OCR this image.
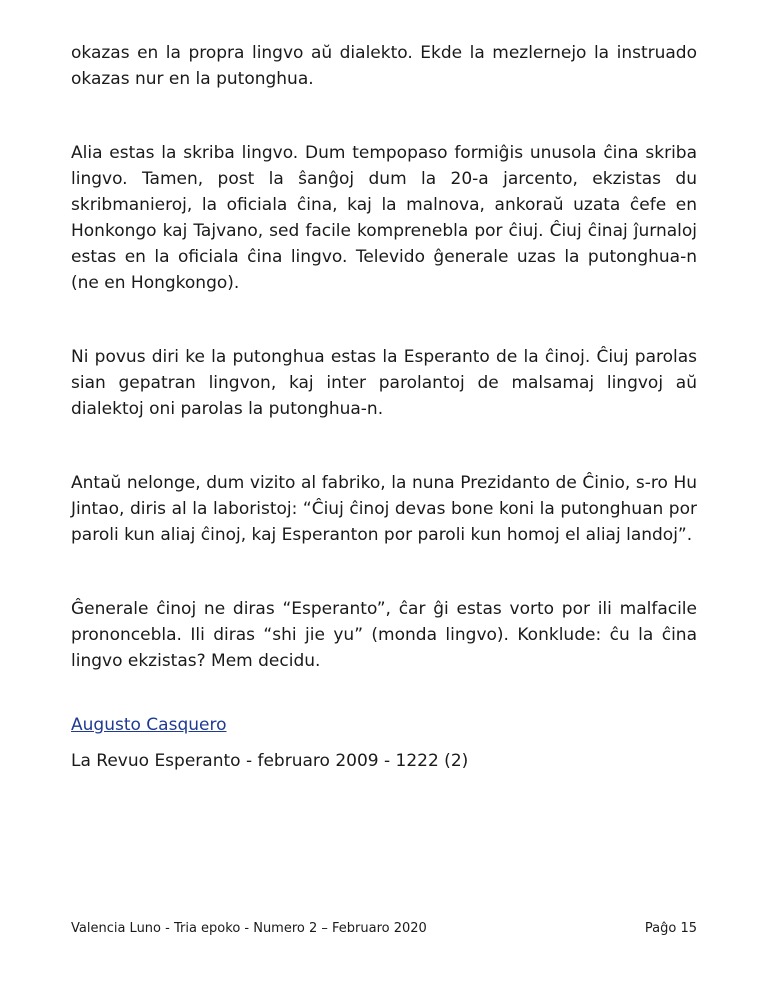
okazas en la propra lingvo aŭ dialekto. Ekde la mezlernejo la instruado okazas nur en la putonghua.

Alia estas la skriba lingvo. Dum tempopaso formiĝis unusola ĉina skriba lingvo. Tamen, post la ŝanĝoj dum la 20-a jarcento, ekzistas du skribmanieroj, la oficiala ĉina, kaj la malnova, ankoraŭ uzata ĉefe en Honkongo kaj Tajvano, sed facile komprenebla por ĉiuj. Ĉiuj ĉinaj ĵurnaloj estas en la oficiala ĉina lingvo. Televido ĝenerale uzas la putonghua-n (ne en Hongkongo).

Ni povus diri ke la putonghua estas la Esperanto de la ĉinoj. Ĉiuj parolas sian gepatran lingvon, kaj inter parolantoj de malsamaj lingvoj aŭ dialektoj oni parolas la putonghua-n.

Antaŭ nelonge, dum vizito al fabriko, la nuna Prezidanto de Ĉinio, s-ro Hu Jintao, diris al la laboristoj: “Ĉiuj ĉinoj devas bone koni la putonghuan por paroli kun aliaj ĉinoj, kaj Esperanton por paroli kun homoj el aliaj landoj”.

Ĝenerale ĉinoj ne diras “Esperanto”, ĉar ĝi estas vorto por ili malfacile prononcebla. Ili diras “shi jie yu” (monda lingvo). Konklude: ĉu la ĉina lingvo ekzistas? Mem decidu.

Augusto Casquero

La Revuo Esperanto - februaro 2009 - 1222 (2)

Valencia Luno - Tria epoko - Numero 2 – Februaro 2020	Paĝo 15
